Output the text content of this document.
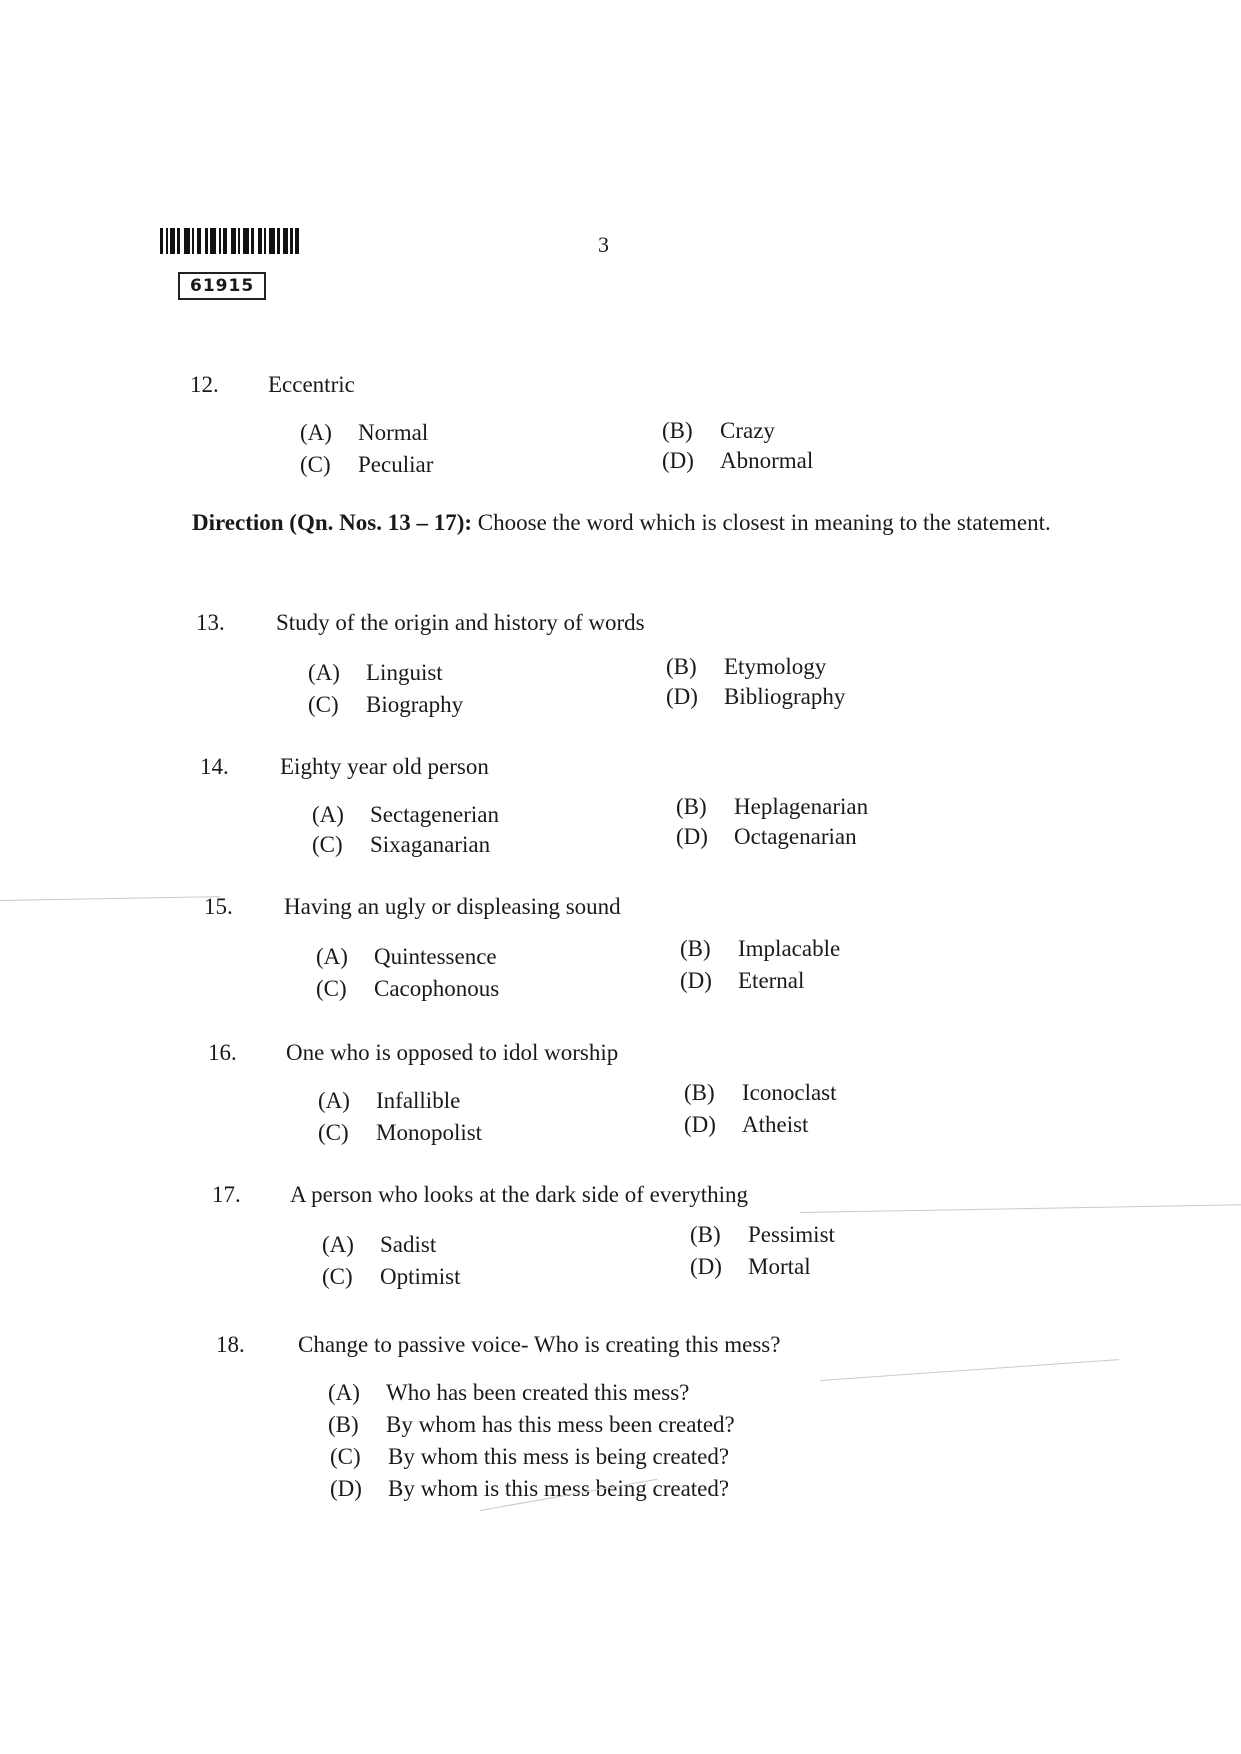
61915
3
12. Eccentric
(A) Normal	(B) Crazy
(C) Peculiar	(D) Abnormal
Direction (Qn. Nos. 13 – 17): Choose the word which is closest in meaning to the statement.
13. Study of the origin and history of words
(A) Linguist	(B) Etymology
(C) Biography	(D) Bibliography
14. Eighty year old person
(A) Sectagenerian	(B) Heplagenarian
(C) Sixaganarian	(D) Octagenarian
15. Having an ugly or displeasing sound
(A) Quintessence	(B) Implacable
(C) Cacophonous	(D) Eternal
16. One who is opposed to idol worship
(A) Infallible	(B) Iconoclast
(C) Monopolist	(D) Atheist
17. A person who looks at the dark side of everything
(A) Sadist	(B) Pessimist
(C) Optimist	(D) Mortal
18. Change to passive voice- Who is creating this mess?
(A) Who has been created this mess?
(B) By whom has this mess been created?
(C) By whom this mess is being created?
(D) By whom is this mess being created?
